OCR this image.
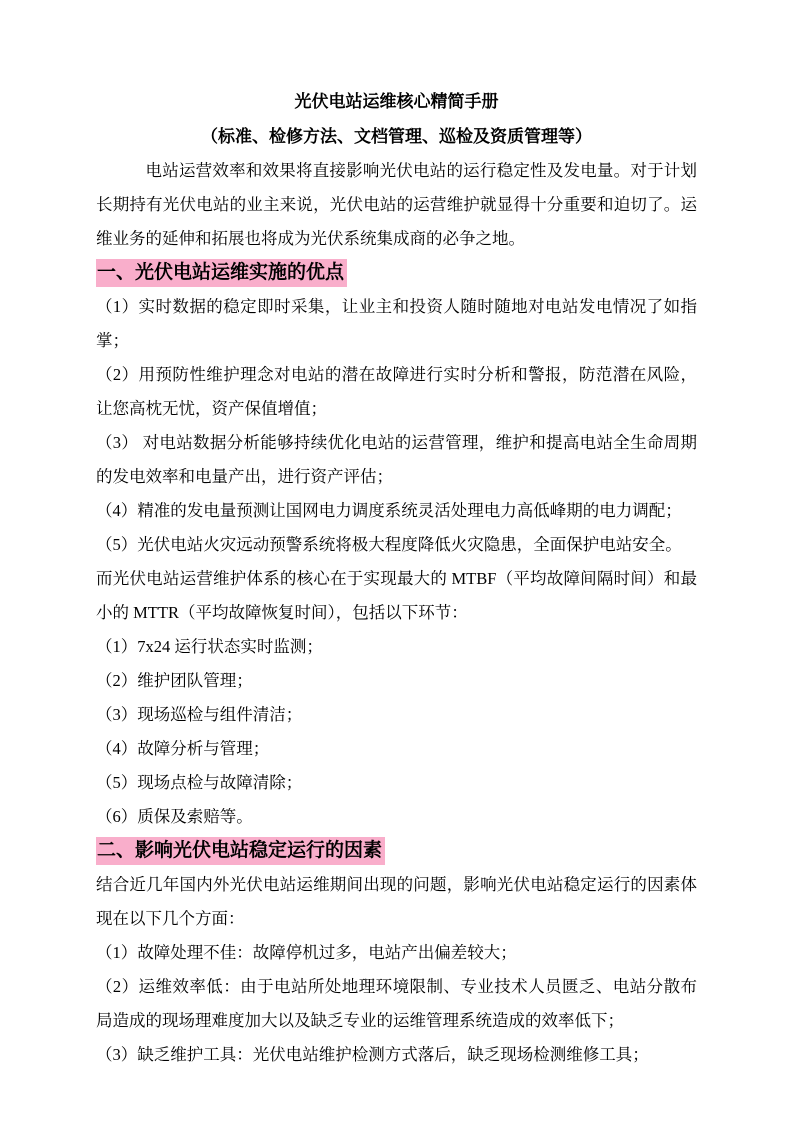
光伏电站运维核心精简手册

（标准、检修方法、文档管理、巡检及资质管理等）

电站运营效率和效果将直接影响光伏电站的运行稳定性及发电量。对于计划长期持有光伏电站的业主来说，光伏电站的运营维护就显得十分重要和迫切了。运维业务的延伸和拓展也将成为光伏系统集成商的必争之地。

一、光伏电站运维实施的优点

（1）实时数据的稳定即时采集，让业主和投资人随时随地对电站发电情况了如指掌；

（2）用预防性维护理念对电站的潜在故障进行实时分析和警报，防范潜在风险，让您高枕无忧，资产保值增值；

（3） 对电站数据分析能够持续优化电站的运营管理，维护和提高电站全生命周期的发电效率和电量产出，进行资产评估；

（4）精准的发电量预测让国网电力调度系统灵活处理电力高低峰期的电力调配；

（5）光伏电站火灾远动预警系统将极大程度降低火灾隐患，全面保护电站安全。

而光伏电站运营维护体系的核心在于实现最大的 MTBF（平均故障间隔时间）和最小的 MTTR（平均故障恢复时间），包括以下环节：

（1）7x24 运行状态实时监测；

（2）维护团队管理；

（3）现场巡检与组件清洁；

（4）故障分析与管理；

（5）现场点检与故障清除；

（6）质保及索赔等。

二、影响光伏电站稳定运行的因素

结合近几年国内外光伏电站运维期间出现的问题，影响光伏电站稳定运行的因素体现在以下几个方面：

（1）故障处理不佳：故障停机过多，电站产出偏差较大；

（2）运维效率低：由于电站所处地理环境限制、专业技术人员匮乏、电站分散布局造成的现场理难度加大以及缺乏专业的运维管理系统造成的效率低下；

（3）缺乏维护工具：光伏电站维护检测方式落后，缺乏现场检测维修工具；
